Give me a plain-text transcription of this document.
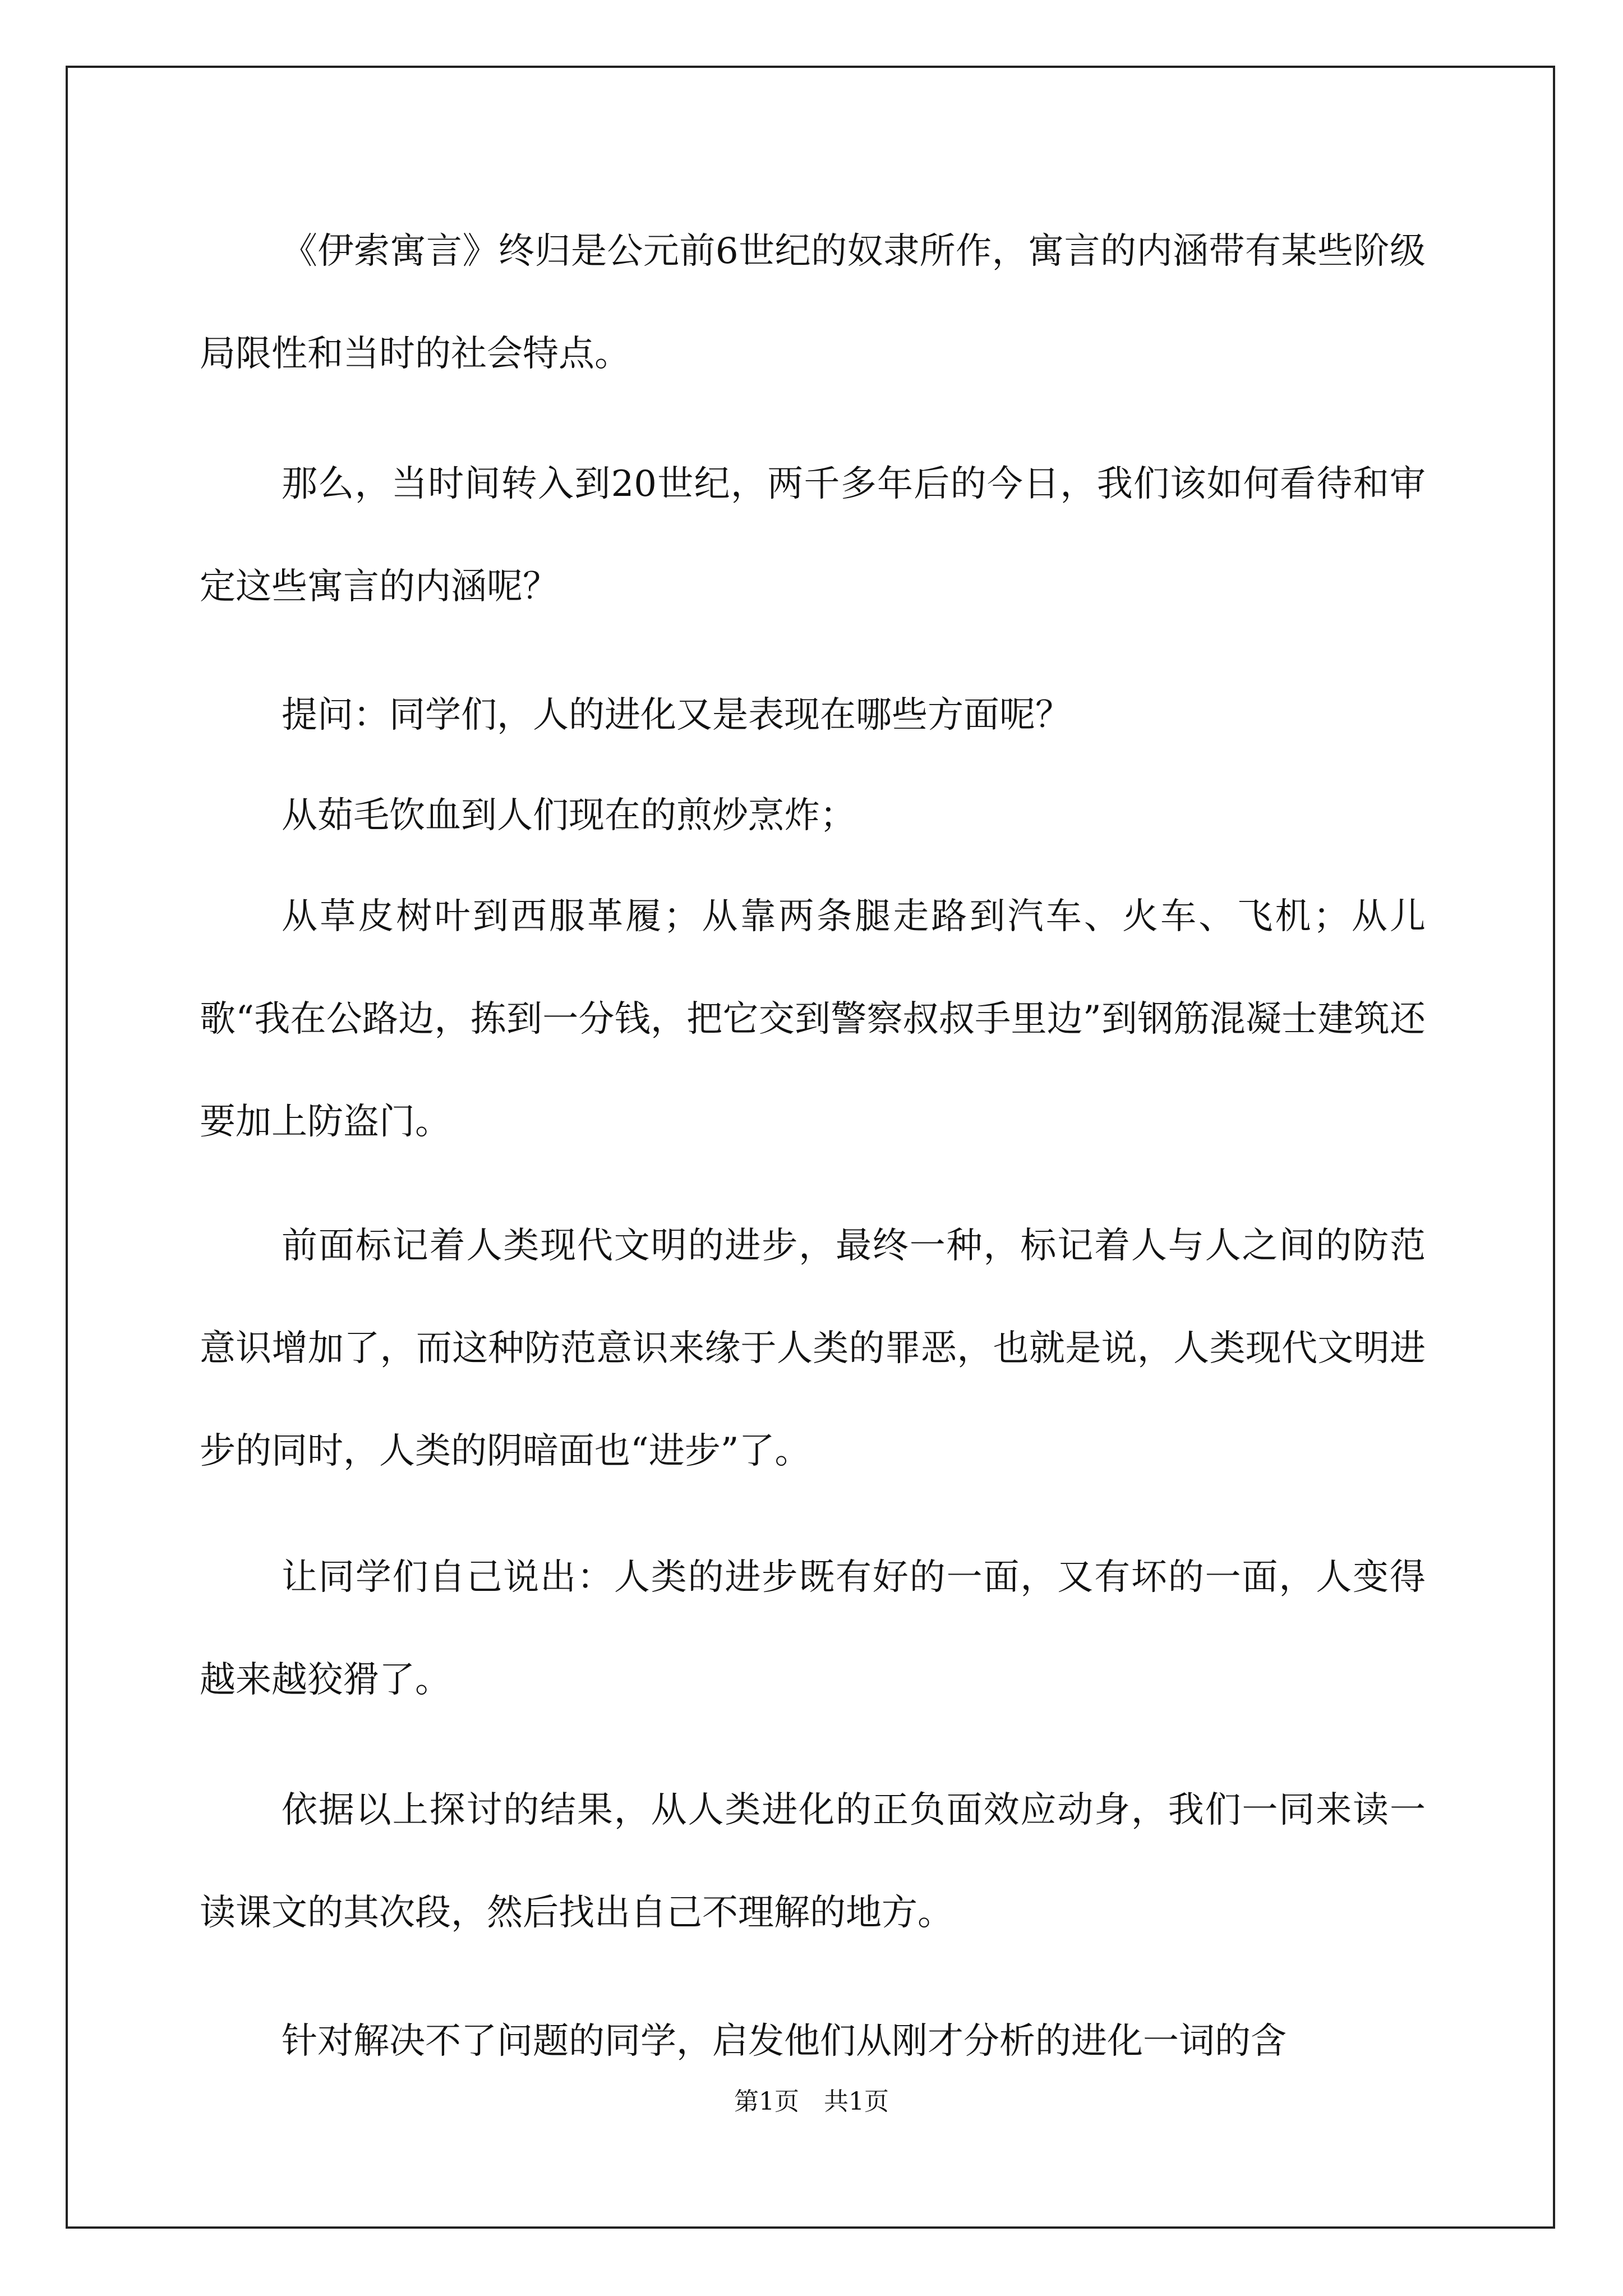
《伊索寓言》终归是公元前6世纪的奴隶所作，寓言的内涵带有某些阶级局限性和当时的社会特点。

那么，当时间转入到20世纪，两千多年后的今日，我们该如何看待和审定这些寓言的内涵呢？

提问：同学们，人的进化又是表现在哪些方面呢？

从茹毛饮血到人们现在的煎炒烹炸；

从草皮树叶到西服革履；从靠两条腿走路到汽车、火车、飞机；从儿歌“我在公路边，拣到一分钱，把它交到警察叔叔手里边”到钢筋混凝士建筑还要加上防盗门。

前面标记着人类现代文明的进步，最终一种，标记着人与人之间的防范意识增加了，而这种防范意识来缘于人类的罪恶，也就是说，人类现代文明进步的同时，人类的阴暗面也“进步”了。

让同学们自己说出：人类的进步既有好的一面，又有坏的一面，人变得越来越狡猾了。

依据以上探讨的结果，从人类进化的正负面效应动身，我们一同来读一读课文的其次段，然后找出自己不理解的地方。

针对解决不了问题的同学，启发他们从刚才分析的进化一词的含

第1页　共1页
